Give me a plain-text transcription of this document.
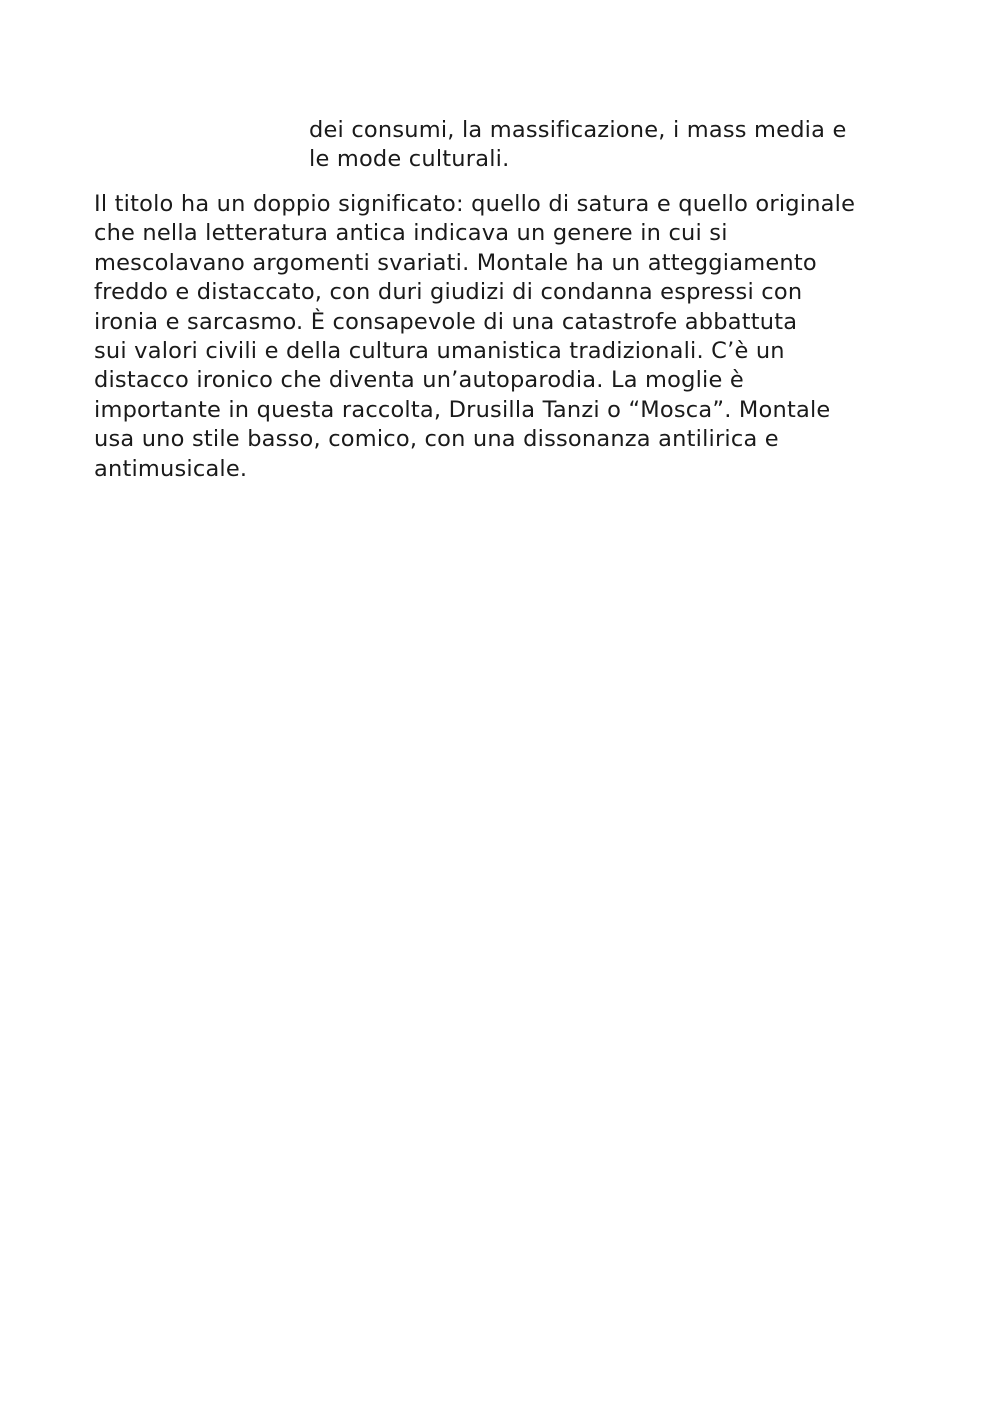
dei consumi, la massificazione, i mass media e
le mode culturali.
Il titolo ha un doppio significato: quello di satura e quello originale
che nella letteratura antica indicava un genere in cui si
mescolavano argomenti svariati. Montale ha un atteggiamento
freddo e distaccato, con duri giudizi di condanna espressi con
ironia e sarcasmo. È consapevole di una catastrofe abbattuta
sui valori civili e della cultura umanistica tradizionali. C’è un
distacco ironico che diventa un’autoparodia. La moglie è
importante in questa raccolta, Drusilla Tanzi o “Mosca”. Montale
usa uno stile basso, comico, con una dissonanza antilirica e
antimusicale.
